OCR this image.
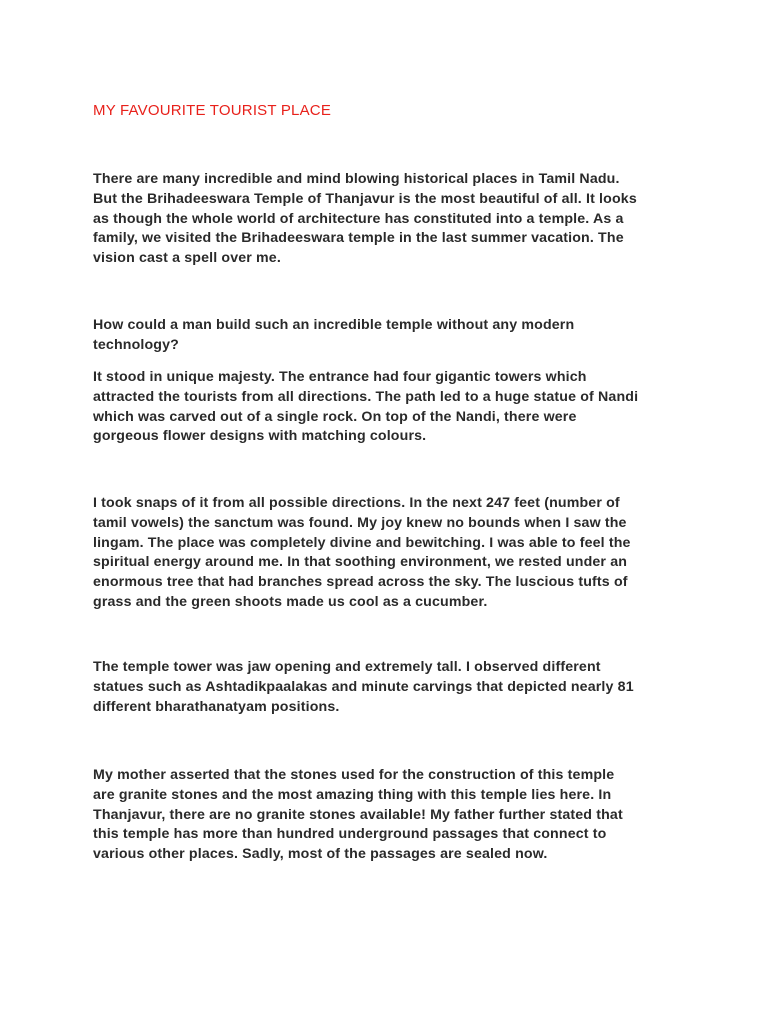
MY FAVOURITE TOURIST PLACE

There are many incredible and mind blowing historical places in Tamil Nadu.
But the Brihadeeswara Temple of Thanjavur is the most beautiful of all. It looks
as though the whole world of architecture has constituted into a temple. As a
family, we visited the Brihadeeswara temple in the last summer vacation. The
vision cast a spell over me.

How could a man build such an incredible temple without any modern
technology?

It stood in unique majesty. The entrance had four gigantic towers which
attracted the tourists from all directions. The path led to a huge statue of Nandi
which was carved out of a single rock. On top of the Nandi, there were
gorgeous flower designs with matching colours.

I took snaps of it from all possible directions. In the next 247 feet (number of
tamil vowels) the sanctum was found. My joy knew no bounds when I saw the
lingam. The place was completely divine and bewitching. I was able to feel the
spiritual energy around me. In that soothing environment, we rested under an
enormous tree that had branches spread across the sky. The luscious tufts of
grass and the green shoots made us cool as a cucumber.

The temple tower was jaw opening and extremely tall. I observed different
statues such as Ashtadikpaalakas and minute carvings that depicted nearly 81
different bharathanatyam positions.

My mother asserted that the stones used for the construction of this temple
are granite stones and the most amazing thing with this temple lies here. In
Thanjavur, there are no granite stones available! My father further stated that
this temple has more than hundred underground passages that connect to
various other places. Sadly, most of the passages are sealed now.
